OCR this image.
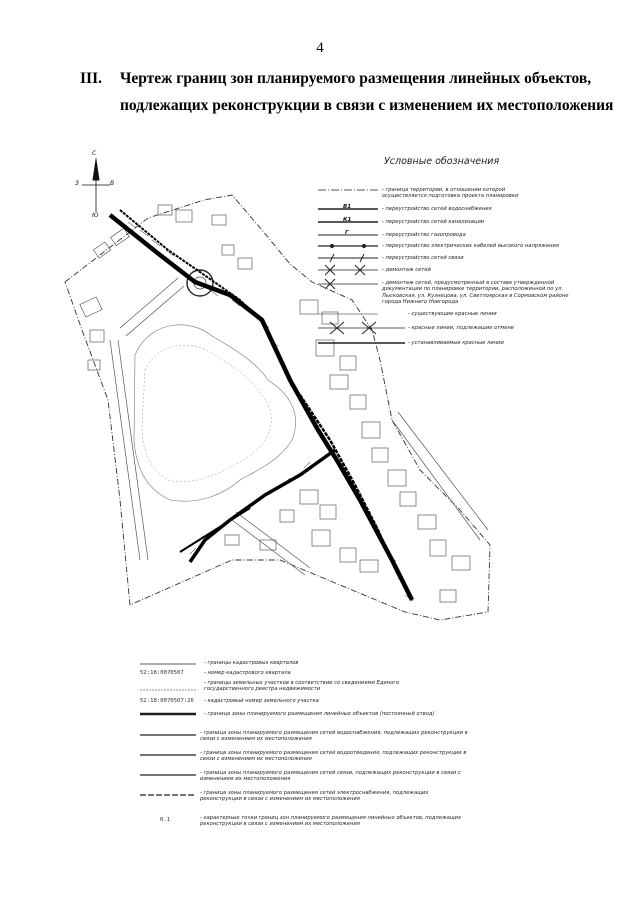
4
III. Чертеж границ зон планируемого размещения линейных объектов,
подлежащих реконструкции в связи с изменением их местоположения
С
Ю
З	В
Условные обозначения
В1
К1
Г
- граница территории, в отношении которой осуществляется подготовка проекта планировки
- переустройство сетей водоснабжения
- переустройство сетей канализации
- переустройство газопровода
- переустройство электрических кабелей высокого напряжения
- переустройство сетей связи
- демонтаж сетей
- демонтаж сетей, предусмотренный в составе утвержденной документации по планировке территории, расположенной по ул. Лысковская, ул. Кузнецова, ул. Светлоярская в Сормовском районе города Нижнего Новгорода
- существующие красные линии
- красные линии, подлежащие отмене
- устанавливаемые красные линии
- границы кадастровых кварталов
52:18:0070507	- номер кадастрового квартала
- границы земельных участков в соответствии со сведениями Единого государственного реестра недвижимости
52:18:0070507:26 - кадастровый номер земельного участка
- граница зоны планируемого размещения линейных объектов (постоянный отвод)
- граница зоны планируемого размещения сетей водоснабжения, подлежащих реконструкции в связи с изменением их местоположения
- граница зоны планируемого размещения сетей водоотведения, подлежащих реконструкции в связи с изменением их местоположения
- граница зоны планируемого размещения сетей связи, подлежащих реконструкции в связи с изменением их местоположения
- граница зоны планируемого размещения сетей электроснабжения, подлежащих реконструкции в связи с изменением их местоположения
0.1	- характерные точки границ зон планируемого размещения линейных объектов, подлежащих реконструкции в связи с изменением их местоположения
